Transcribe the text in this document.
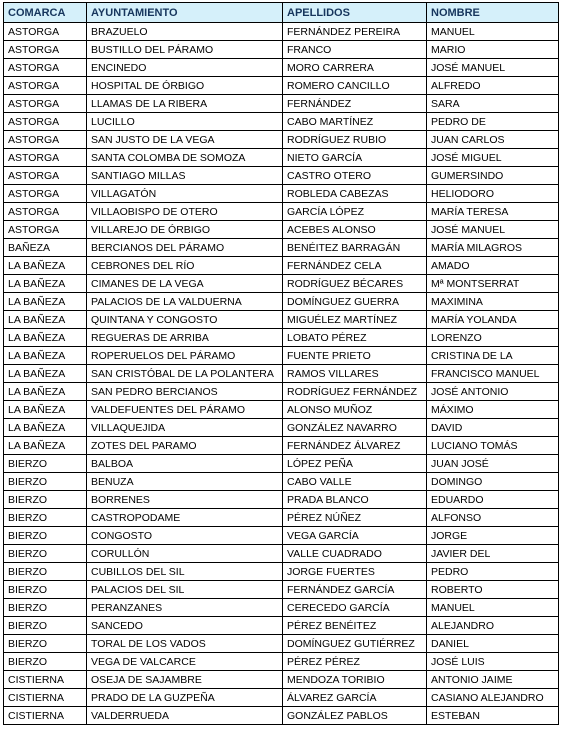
COMARCA	AYUNTAMIENTO	APELLIDOS	NOMBRE
ASTORGA	BRAZUELO	FERNÁNDEZ PEREIRA	MANUEL
ASTORGA	BUSTILLO DEL PÁRAMO	FRANCO	MARIO
ASTORGA	ENCINEDO	MORO CARRERA	JOSÉ MANUEL
ASTORGA	HOSPITAL DE ÓRBIGO	ROMERO CANCILLO	ALFREDO
ASTORGA	LLAMAS DE LA RIBERA	FERNÁNDEZ	SARA
ASTORGA	LUCILLO	CABO MARTÍNEZ	PEDRO DE
ASTORGA	SAN JUSTO DE LA VEGA	RODRÍGUEZ RUBIO	JUAN CARLOS
ASTORGA	SANTA COLOMBA DE SOMOZA	NIETO GARCÍA	JOSÉ MIGUEL
ASTORGA	SANTIAGO MILLAS	CASTRO OTERO	GUMERSINDO
ASTORGA	VILLAGATÓN	ROBLEDA CABEZAS	HELIODORO
ASTORGA	VILLAOBISPO DE OTERO	GARCÍA LÓPEZ	MARÍA TERESA
ASTORGA	VILLAREJO DE ÓRBIGO	ACEBES ALONSO	JOSÉ MANUEL
BAÑEZA	BERCIANOS DEL PÁRAMO	BENÉITEZ BARRAGÁN	MARÍA MILAGROS
LA BAÑEZA	CEBRONES DEL RÍO	FERNÁNDEZ CELA	AMADO
LA BAÑEZA	CIMANES DE LA VEGA	RODRÍGUEZ BÉCARES	Mª MONTSERRAT
LA BAÑEZA	PALACIOS DE LA VALDUERNA	DOMÍNGUEZ GUERRA	MAXIMINA
LA BAÑEZA	QUINTANA Y CONGOSTO	MIGUÉLEZ MARTÍNEZ	MARÍA YOLANDA
LA BAÑEZA	REGUERAS DE ARRIBA	LOBATO PÉREZ	LORENZO
LA BAÑEZA	ROPERUELOS DEL PÁRAMO	FUENTE PRIETO	CRISTINA DE LA
LA BAÑEZA	SAN CRISTÓBAL DE LA POLANTERA	RAMOS VILLARES	FRANCISCO MANUEL
LA BAÑEZA	SAN PEDRO BERCIANOS	RODRÍGUEZ FERNÁNDEZ	JOSÉ ANTONIO
LA BAÑEZA	VALDEFUENTES DEL PÁRAMO	ALONSO MUÑOZ	MÁXIMO
LA BAÑEZA	VILLAQUEJIDA	GONZÁLEZ NAVARRO	DAVID
LA BAÑEZA	ZOTES DEL PARAMO	FERNÁNDEZ ÁLVAREZ	LUCIANO TOMÁS
BIERZO	BALBOA	LÓPEZ PEÑA	JUAN JOSÉ
BIERZO	BENUZA	CABO VALLE	DOMINGO
BIERZO	BORRENES	PRADA BLANCO	EDUARDO
BIERZO	CASTROPODAME	PÉREZ NÚÑEZ	ALFONSO
BIERZO	CONGOSTO	VEGA GARCÍA	JORGE
BIERZO	CORULLÓN	VALLE CUADRADO	JAVIER DEL
BIERZO	CUBILLOS DEL SIL	JORGE FUERTES	PEDRO
BIERZO	PALACIOS DEL SIL	FERNÁNDEZ GARCÍA	ROBERTO
BIERZO	PERANZANES	CERECEDO GARCÍA	MANUEL
BIERZO	SANCEDO	PÉREZ BENÉITEZ	ALEJANDRO
BIERZO	TORAL DE LOS VADOS	DOMÍNGUEZ GUTIÉRREZ	DANIEL
BIERZO	VEGA DE VALCARCE	PÉREZ PÉREZ	JOSÉ LUIS
CISTIERNA	OSEJA DE SAJAMBRE	MENDOZA TORIBIO	ANTONIO JAIME
CISTIERNA	PRADO DE LA GUZPEÑA	ÁLVAREZ GARCÍA	CASIANO ALEJANDRO
CISTIERNA	VALDERRUEDA	GONZÁLEZ PABLOS	ESTEBAN
